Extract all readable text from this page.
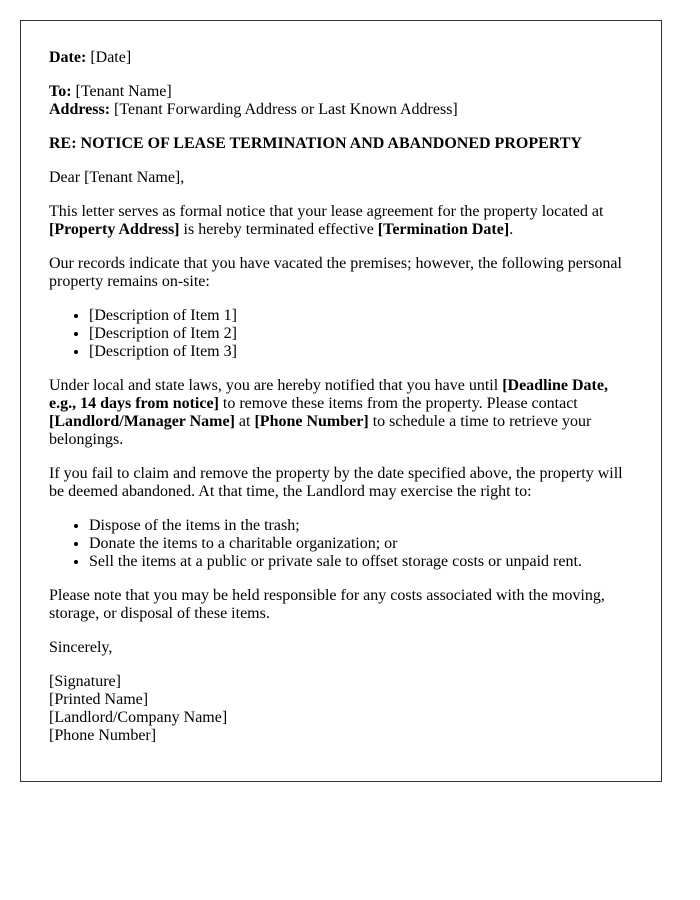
Date: [Date]

To: [Tenant Name]
Address: [Tenant Forwarding Address or Last Known Address]

RE: NOTICE OF LEASE TERMINATION AND ABANDONED PROPERTY

Dear [Tenant Name],

This letter serves as formal notice that your lease agreement for the property located at [Property Address] is hereby terminated effective [Termination Date].

Our records indicate that you have vacated the premises; however, the following personal property remains on-site:

• [Description of Item 1]
• [Description of Item 2]
• [Description of Item 3]

Under local and state laws, you are hereby notified that you have until [Deadline Date, e.g., 14 days from notice] to remove these items from the property. Please contact [Landlord/Manager Name] at [Phone Number] to schedule a time to retrieve your belongings.

If you fail to claim and remove the property by the date specified above, the property will be deemed abandoned. At that time, the Landlord may exercise the right to:

• Dispose of the items in the trash;
• Donate the items to a charitable organization; or
• Sell the items at a public or private sale to offset storage costs or unpaid rent.

Please note that you may be held responsible for any costs associated with the moving, storage, or disposal of these items.

Sincerely,

[Signature]
[Printed Name]
[Landlord/Company Name]
[Phone Number]
